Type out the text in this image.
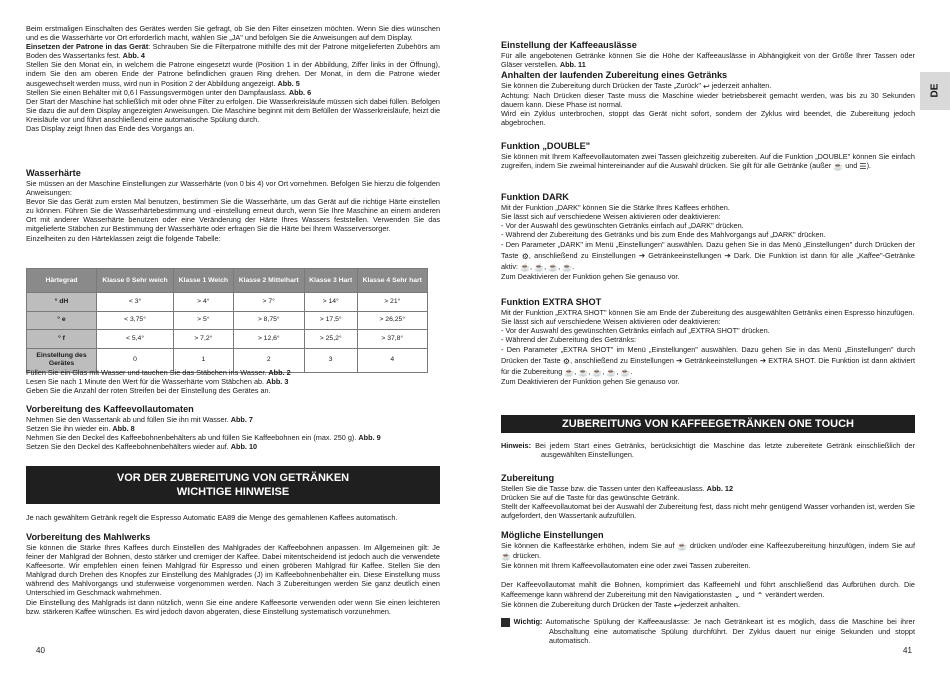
Beim erstmaligen Einschalten des Gerätes werden Sie gefragt, ob Sie den Filter einsetzen möchten. Wenn Sie dies wünschen und es die Wasserhärte vor Ort erforderlich macht, wählen Sie „JA" und befolgen Sie die Anweisungen auf dem Display.

Einsetzen der Patrone in das Gerät: Schrauben Sie die Filterpatrone mithilfe des mit der Patrone mitgelieferten Zubehörs am Boden des Wassertanks fest. Abb. 4

Stellen Sie den Monat ein, in welchem die Patrone eingesetzt wurde (Position 1 in der Abbildung, Ziffer links in der Öffnung), indem Sie den am oberen Ende der Patrone befindlichen grauen Ring drehen. Der Monat, in dem die Patrone wieder ausgewechselt werden muss, wird nun in Position 2 der Abbildung angezeigt. Abb. 5

Stellen Sie einen Behälter mit 0,6 l Fassungsvermögen unter den Dampfauslass. Abb. 6

Der Start der Maschine hat schließlich mit oder ohne Filter zu erfolgen. Die Wasserkreisläufe müssen sich dabei füllen. Befolgen Sie dazu die auf dem Display angezeigten Anweisungen. Die Maschine beginnt mit dem Befüllen der Wasserkreisläufe, heizt die Kreisläufe vor und führt anschließend eine automatische Spülung durch.

Das Display zeigt Ihnen das Ende des Vorgangs an.

Wasserhärte

Sie müssen an der Maschine Einstellungen zur Wasserhärte (von 0 bis 4) vor Ort vornehmen. Befolgen Sie hierzu die folgenden Anweisungen:

Bevor Sie das Gerät zum ersten Mal benutzen, bestimmen Sie die Wasserhärte, um das Gerät auf die richtige Härte einstellen zu können. Führen Sie die Wasserhärtebestimmung und -einstellung erneut durch, wenn Sie Ihre Maschine an einem anderen Ort mit anderer Wasserhärte benutzen oder eine Veränderung der Härte Ihres Wassers feststellen. Verwenden Sie das mitgelieferte Stäbchen zur Bestimmung der Wasserhärte oder erfragen Sie die Härte bei Ihrem Wasserversorger.

Einzelheiten zu den Härteklassen zeigt die folgende Tabelle:

Härtegrad	Klasse 0 Sehr weich	Klasse 1 Weich	Klasse 2 Mittelhart	Klasse 3 Hart	Klasse 4 Sehr hart
° dH	< 3°	> 4°	> 7°	> 14°	> 21°
° e	< 3,75°	> 5°	> 8,75°	> 17,5°	> 26,25°
° f	< 5,4°	> 7,2°	> 12,6°	> 25,2°	> 37,8°
Einstellung des Gerätes	0	1	2	3	4

Füllen Sie ein Glas mit Wasser und tauchen Sie das Stäbchen ins Wasser. Abb. 2

Lesen Sie nach 1 Minute den Wert für die Wasserhärte vom Stäbchen ab. Abb. 3

Geben Sie die Anzahl der roten Streifen bei der Einstellung des Gerätes an.

Vorbereitung des Kaffeevollautomaten

Nehmen Sie den Wassertank ab und füllen Sie ihn mit Wasser. Abb. 7

Setzen Sie ihn wieder ein. Abb. 8

Nehmen Sie den Deckel des Kaffeebohnenbehälters ab und füllen Sie Kaffeebohnen ein (max. 250 g). Abb. 9

Setzen Sie den Deckel des Kaffeebohnenbehälters wieder auf. Abb. 10

VOR DER ZUBEREITUNG VON GETRÄNKEN
WICHTIGE HINWEISE

Je nach gewähltem Getränk regelt die Espresso Automatic EA89 die Menge des gemahlenen Kaffees automatisch.

Vorbereitung des Mahlwerks

Sie können die Stärke Ihres Kaffees durch Einstellen des Mahlgrades der Kaffeebohnen anpassen. Im Allgemeinen gilt: Je feiner der Mahlgrad der Bohnen, desto stärker und cremiger der Kaffee. Dabei mitentscheidend ist jedoch auch die verwendete Kaffeesorte. Wir empfehlen einen feinen Mahlgrad für Espresso und einen gröberen Mahlgrad für Kaffee. Stellen Sie den Mahlgrad durch Drehen des Knopfes zur Einstellung des Mahlgrades (J) im Kaffeebohnenbehälter ein. Diese Einstellung muss während des Mahlvorgangs und stufenweise vorgenommen werden. Nach 3 Zubereitungen werden Sie ganz deutlich einen Unterschied im Geschmack wahrnehmen.

Die Einstellung des Mahlgrads ist dann nützlich, wenn Sie eine andere Kaffeesorte verwenden oder wenn Sie einen leichteren bzw. stärkeren Kaffee wünschen. Es wird jedoch davon abgeraten, diese Einstellung systematisch vorzunehmen.

40
Einstellung der Kaffeeauslässe

Für alle angebotenen Getränke können Sie die Höhe der Kaffeeauslässe in Abhängigkeit von der Größe Ihrer Tassen oder Gläser verstellen. Abb. 11

Anhalten der laufenden Zubereitung eines Getränks

Sie können die Zubereitung durch Drücken der Taste „Zurück" ↩ jederzeit anhalten.

Achtung: Nach Drücken dieser Taste muss die Maschine wieder betriebsbereit gemacht werden, was bis zu 30 Sekunden dauern kann. Diese Phase ist normal.

Wird ein Zyklus unterbrochen, stoppt das Gerät nicht sofort, sondern der Zyklus wird beendet, die Zubereitung jedoch abgebrochen.

Funktion „DOUBLE"

Sie können mit Ihrem Kaffeevollautomaten zwei Tassen gleichzeitig zubereiten. Auf die Funktion „DOUBLE" können Sie einfach zugreifen, indem Sie zweimal hintereinander auf die Auswahl drücken. Sie gilt für alle Getränke (außer ☕ und ☰).

Funktion DARK

Mit der Funktion „DARK" können Sie die Stärke Ihres Kaffees erhöhen.

Sie lässt sich auf verschiedene Weisen aktivieren oder deaktivieren:

- Vor der Auswahl des gewünschten Getränks einfach auf „DARK" drücken.

- Während der Zubereitung des Getränks und bis zum Ende des Mahlvorgangs auf „DARK" drücken.

- Den Parameter „DARK" im Menü „Einstellungen" auswählen. Dazu gehen Sie in das Menü „Einstellungen" durch Drücken der Taste ⚙, anschließend zu Einstellungen ➔ Getränkeeinstellungen ➔ Dark. Die Funktion ist dann für alle „Kaffee"-Getränke aktiv: ☕, ☕, ☕, ☕.

Zum Deaktivieren der Funktion gehen Sie genauso vor.

Funktion EXTRA SHOT

Mit der Funktion „EXTRA SHOT" können Sie am Ende der Zubereitung des ausgewählten Getränks einen Espresso hinzufügen.

Sie lässt sich auf verschiedene Weisen aktivieren oder deaktivieren:

- Vor der Auswahl des gewünschten Getränks einfach auf „EXTRA SHOT" drücken.

- Während der Zubereitung des Getränks:

- Den Parameter „EXTRA SHOT" im Menü „Einstellungen" auswählen. Dazu gehen Sie in das Menü „Einstellungen" durch Drücken der Taste ⚙, anschließend zu Einstellungen ➔ Getränkeeinstellungen ➔ EXTRA SHOT. Die Funktion ist dann aktiviert für die Zubereitung ☕, ☕, ☕, ☕, ☕.

Zum Deaktivieren der Funktion gehen Sie genauso vor.

ZUBEREITUNG VON KAFFEEGETRÄNKEN ONE TOUCH

Hinweis: Bei jedem Start eines Getränks, berücksichtigt die Maschine das letzte zubereitete Getränk einschließlich der ausgewählten Einstellungen.

Zubereitung

Stellen Sie die Tasse bzw. die Tassen unter den Kaffeeauslass. Abb. 12

Drücken Sie auf die Taste für das gewünschte Getränk.

Stellt der Kaffeevollautomat bei der Auswahl der Zubereitung fest, dass nicht mehr genügend Wasser vorhanden ist, werden Sie aufgefordert, den Wassertank aufzufüllen.

Mögliche Einstellungen

Sie können die Kaffeestärke erhöhen, indem Sie auf ☕ drücken und/oder eine Kaffeezubereitung hinzufügen, indem Sie auf ☕ drücken.

Sie können mit Ihrem Kaffeevollautomaten eine oder zwei Tassen zubereiten.

Der Kaffeevollautomat mahlt die Bohnen, komprimiert das Kaffeemehl und führt anschließend das Aufbrühen durch. Die Kaffeemenge kann während der Zubereitung mit den Navigationstasten ⌄ und ⌃ verändert werden.

Sie können die Zubereitung durch Drücken der Taste ↩jederzeit anhalten.

!	Wichtig: Automatische Spülung der Kaffeeauslässe: Je nach Getränkeart ist es möglich, dass die Maschine bei ihrer Abschaltung eine automatische Spülung durchführt. Der Zyklus dauert nur einige Sekunden und stoppt automatisch.

41
DE
